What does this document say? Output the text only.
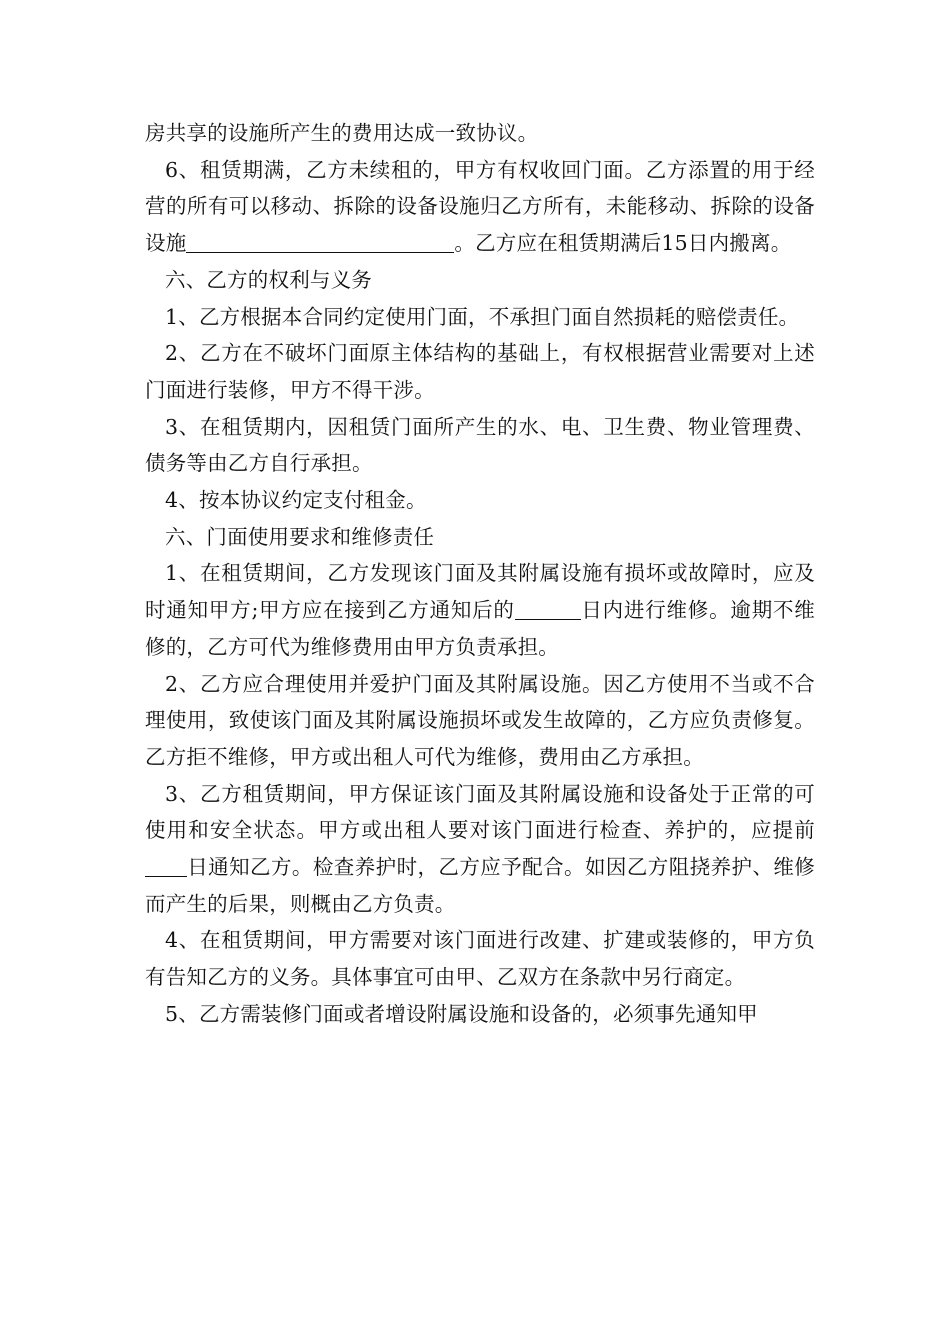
房共享的设施所产生的费用达成一致协议。

6、租赁期满，乙方未续租的，甲方有权收回门面。乙方添置的用于经营的所有可以移动、拆除的设备设施归乙方所有，未能移动、拆除的设备设施	。乙方应在租赁期满后15日内搬离。

六、乙方的权利与义务

1、乙方根据本合同约定使用门面，不承担门面自然损耗的赔偿责任。

2、乙方在不破坏门面原主体结构的基础上，有权根据营业需要对上述门面进行装修，甲方不得干涉。

3、在租赁期内，因租赁门面所产生的水、电、卫生费、物业管理费、债务等由乙方自行承担。

4、按本协议约定支付租金。

六、门面使用要求和维修责任

1、在租赁期间，乙方发现该门面及其附属设施有损坏或故障时，应及时通知甲方;甲方应在接到乙方通知后的	日内进行维修。逾期不维修的，乙方可代为维修费用由甲方负责承担。

2、乙方应合理使用并爱护门面及其附属设施。因乙方使用不当或不合理使用，致使该门面及其附属设施损坏或发生故障的，乙方应负责修复。乙方拒不维修，甲方或出租人可代为维修，费用由乙方承担。

3、乙方租赁期间，甲方保证该门面及其附属设施和设备处于正常的可使用和安全状态。甲方或出租人要对该门面进行检查、养护的，应提前日通知乙方。检查养护时，乙方应予配合。如因乙方阻挠养护、维修而产生的后果，则概由乙方负责。

4、在租赁期间，甲方需要对该门面进行改建、扩建或装修的，甲方负有告知乙方的义务。具体事宜可由甲、乙双方在条款中另行商定。

5、乙方需装修门面或者增设附属设施和设备的，必须事先通知甲
